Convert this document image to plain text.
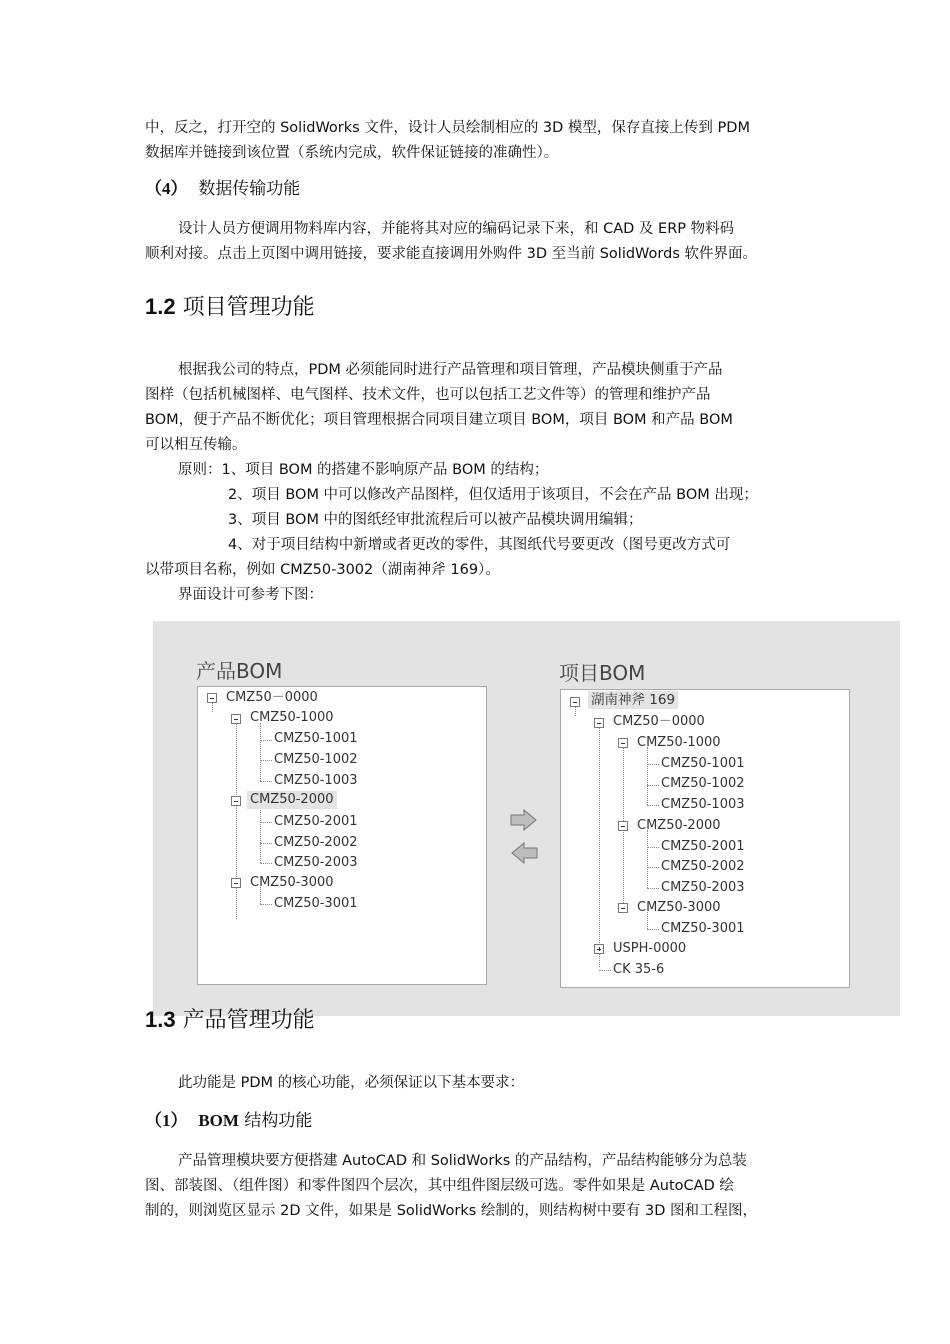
中，反之，打开空的 SolidWorks 文件，设计人员绘制相应的 3D 模型，保存直接上传到 PDM
数据库并链接到该位置（系统内完成，软件保证链接的准确性）。
（4） 数据传输功能
设计人员方便调用物料库内容，并能将其对应的编码记录下来，和 CAD 及 ERP 物料码
顺利对接。点击上页图中调用链接，要求能直接调用外购件 3D 至当前 SolidWords 软件界面。
1.2 项目管理功能
根据我公司的特点，PDM 必须能同时进行产品管理和项目管理，产品模块侧重于产品
图样（包括机械图样、电气图样、技术文件，也可以包括工艺文件等）的管理和维护产品
BOM，便于产品不断优化；项目管理根据合同项目建立项目 BOM，项目 BOM 和产品 BOM
可以相互传输。
原则：1、项目 BOM 的搭建不影响原产品 BOM 的结构；
2、项目 BOM 中可以修改产品图样，但仅适用于该项目，不会在产品 BOM 出现；
3、项目 BOM 中的图纸经审批流程后可以被产品模块调用编辑；
4、对于项目结构中新增或者更改的零件，其图纸代号要更改（图号更改方式可
以带项目名称，例如 CMZ50-3002（湖南神斧 169）。
界面设计可参考下图：
产品BOM	项目BOM
CMZ50－0000
CMZ50-1000
CMZ50-1001
CMZ50-1002
CMZ50-1003
CMZ50-2000
CMZ50-2001
CMZ50-2002
CMZ50-2003
CMZ50-3000
CMZ50-3001
湖南神斧 169
CMZ50－0000
CMZ50-1000
CMZ50-1001
CMZ50-1002
CMZ50-1003
CMZ50-2000
CMZ50-2001
CMZ50-2002
CMZ50-2003
CMZ50-3000
CMZ50-3001
USPH-0000
CK 35-6
1.3 产品管理功能
此功能是 PDM 的核心功能，必须保证以下基本要求：
（1） BOM 结构功能
产品管理模块要方便搭建 AutoCAD 和 SolidWorks 的产品结构，产品结构能够分为总装
图、部装图、（组件图）和零件图四个层次，其中组件图层级可选。零件如果是 AutoCAD 绘
制的，则浏览区显示 2D 文件，如果是 SolidWorks 绘制的，则结构树中要有 3D 图和工程图，
